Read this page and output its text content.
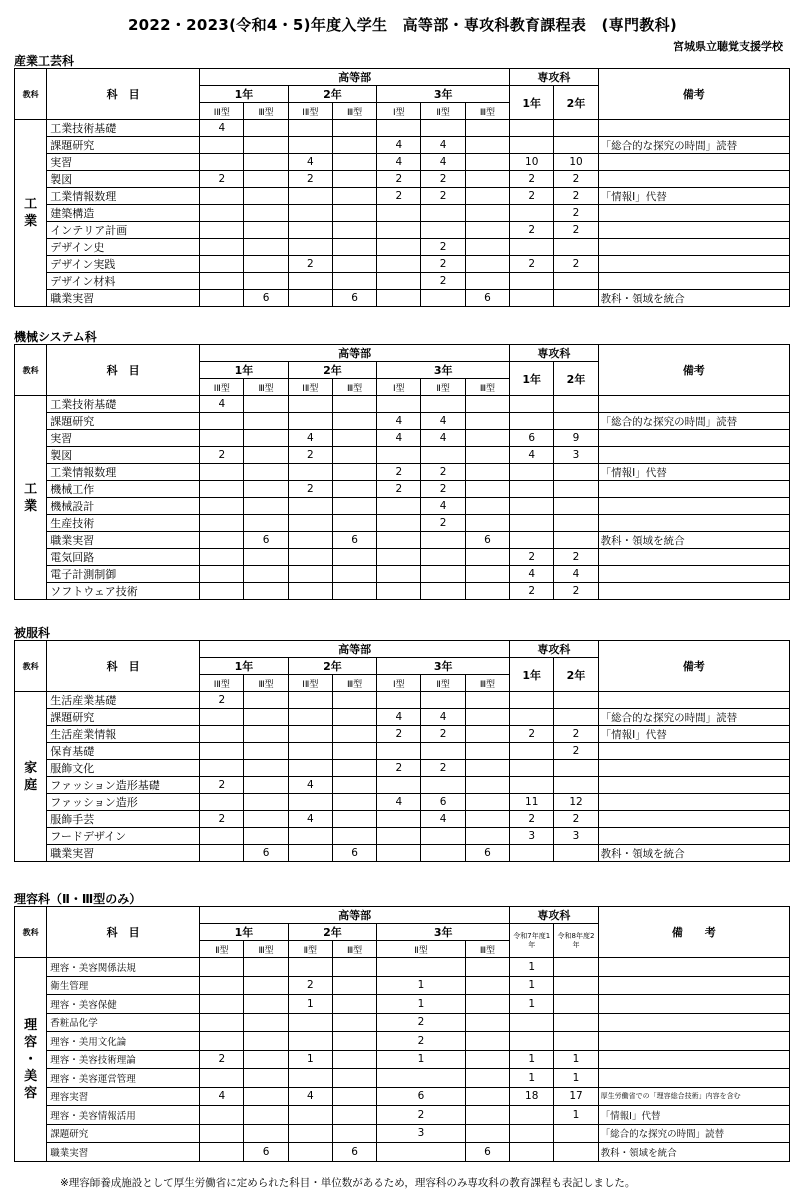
2022・2023(令和4・5)年度入学生　高等部・専攻科教育課程表　(専門教科)
宮城県立聴覚支援学校
産業工芸科
教科	科　目	高等部							専攻科		備考
		1年		2年		3年			1年	2年	
		ⅠⅡ型	Ⅲ型	ⅠⅡ型	Ⅲ型	Ⅰ型	Ⅱ型	Ⅲ型			

工
業	工業技術基礎	4									
	課題研究					4	4				「総合的な探究の時間」読替
	実習			4		4	4		10	10	
	製図	2		2		2	2		2	2	
	工業情報数理					2	2		2	2	「情報Ⅰ」代替
	建築構造									2	
	インテリア計画								2	2	
	デザイン史						2				
	デザイン実践			2			2		2	2	
	デザイン材料						2				
	職業実習		6		6			6			教科・領域を統合
機械システム科
教科	科　目	高等部							専攻科		備考
		1年		2年		3年			1年	2年	
		ⅠⅡ型	Ⅲ型	ⅠⅡ型	Ⅲ型	Ⅰ型	Ⅱ型	Ⅲ型			

工
業	工業技術基礎	4									
	課題研究					4	4				「総合的な探究の時間」読替
	実習			4		4	4		6	9	
	製図	2		2					4	3	
	工業情報数理					2	2				「情報Ⅰ」代替
	機械工作			2		2	2				
	機械設計						4				
	生産技術						2				
	職業実習		6		6			6			教科・領域を統合
	電気回路								2	2	
	電子計測制御								4	4	
	ソフトウェア技術								2	2	
被服科
教科	科　目	高等部							専攻科		備考
		1年		2年		3年			1年	2年	
		ⅠⅡ型	Ⅲ型	ⅠⅡ型	Ⅲ型	Ⅰ型	Ⅱ型	Ⅲ型			

家
庭	生活産業基礎	2									
	課題研究					4	4				「総合的な探究の時間」読替
	生活産業情報					2	2		2	2	「情報Ⅰ」代替
	保育基礎									2	
	服飾文化					2	2				
	ファッション造形基礎	2		4							
	ファッション造形					4	6		11	12	
	服飾手芸	2		4			4		2	2	
	フードデザイン								3	3	
	職業実習		6		6			6			教科・領域を統合
理容科（Ⅱ・Ⅲ型のみ）
教科	科　目	高等部						専攻科		備　　考
		1年		2年		3年		令和7年度1年	令和8年度2年	
		Ⅱ型	Ⅲ型	Ⅱ型	Ⅲ型	Ⅱ型	Ⅲ型			

理
容
・
美
容	理容・美容関係法規							1		
	衛生管理			2		1		1		
	理容・美容保健			1		1		1		
	香粧品化学					2				
	理容・美用文化論					2				
	理容・美容技術理論	2		1		1		1	1	
	理容・美容運営管理							1	1	
	理容実習	4		4		6		18	17	厚生労働省での「理容総合技術」内容を含む
	理容・美容情報活用					2			1	「情報Ⅰ」代替
	課題研究					3				「総合的な探究の時間」読替
	職業実習		6		6		6			教科・領域を統合
※理容師養成施設として厚生労働省に定められた科目・単位数があるため，理容科のみ専攻科の教育課程も表記しました。
